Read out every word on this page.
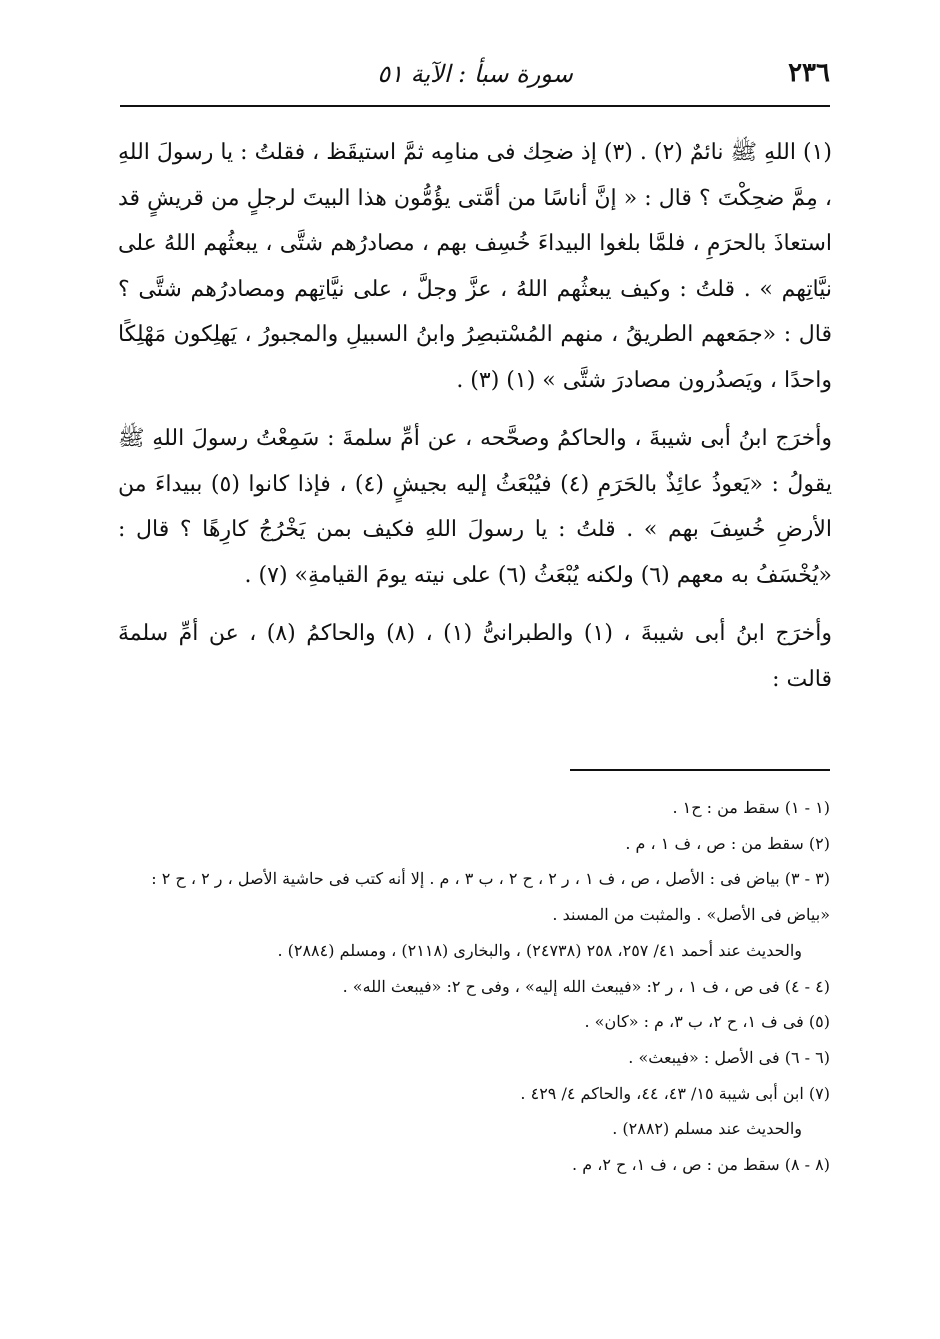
٢٣٦
سورة سبأ : الآية ٥١

(١) اللهِ ﷺ نائمٌ (٢) . (٣) إذ ضحِك فى منامِه ثمَّ استيقَظ ، فقلتُ : يا رسولَ اللهِ ، مِمَّ ضحِكْتَ ؟ قال : « إنَّ أناسًا من أمَّتى يؤُمُّون هذا البيتَ لرجلٍ من قريشٍ قد استعاذَ بالحرَمِ ، فلمَّا بلغوا البيداءَ خُسِف بهم ، مصادرُهم شتَّى ، يبعثُهم اللهُ على نيَّاتِهم » . قلتُ : وكيف يبعثُهم اللهُ ، عزَّ وجلَّ ، على نيَّاتِهم ومصادرُهم شتَّى ؟ قال : «جمَعهم الطريقُ ، منهم المُسْتبصِرُ وابنُ السبيلِ والمجبورُ ، يَهلِكون مَهْلِكًا واحدًا ، ويَصدُرون مصادرَ شتَّى » (١) (٣) .

وأخرَج ابنُ أبى شيبةَ ، والحاكمُ وصحَّحه ، عن أمِّ سلمةَ : سَمِعْتُ رسولَ اللهِ ﷺ يقولُ : «يَعوذُ عائِذٌ بالحَرَمِ (٤) فيُبْعَثُ إليه بجيشٍ (٤) ، فإذا كانوا (٥) ببيداءَ من الأرضِ خُسِفَ بهم » . قلتُ : يا رسولَ اللهِ فكيف بمن يَخْرُجُ كارِهًا ؟ قال : «يُخْسَفُ به معهم (٦) ولكنه يُبْعَثُ (٦) على نيته يومَ القيامةِ» (٧) .

وأخرَج ابنُ أبى شيبةَ ، (١) والطبرانىُّ (١) ، (٨) والحاكمُ (٨) ، عن أمِّ سلمةَ قالت :

(١ - ١) سقط من : ح١ .
(٢) سقط من : ص ، ف ١ ، م .
(٣ - ٣) بياض فى : الأصل ، ص ، ف ١ ، ر ٢ ، ح ٢ ، ب ٣ ، م . إلا أنه كتب فى حاشية الأصل ، ر ٢ ، ح ٢ : «بياض فى الأصل» . والمثبت من المسند .
والحديث عند أحمد ٤١/ ٢٥٧، ٢٥٨ (٢٤٧٣٨) ، والبخارى (٢١١٨) ، ومسلم (٢٨٨٤) .
(٤ - ٤) فى ص ، ف ١ ، ر ٢: «فيبعث الله إليه» ، وفى ح ٢: «فيبعث الله» .
(٥) فى ف ١، ح ٢، ب ٣، م : «كان» .
(٦ - ٦) فى الأصل : «فيبعث» .
(٧) ابن أبى شيبة ١٥/ ٤٣، ٤٤، والحاكم ٤/ ٤٢٩ .
والحديث عند مسلم (٢٨٨٢) .
(٨ - ٨) سقط من : ص ، ف ١، ح ٢، م .
